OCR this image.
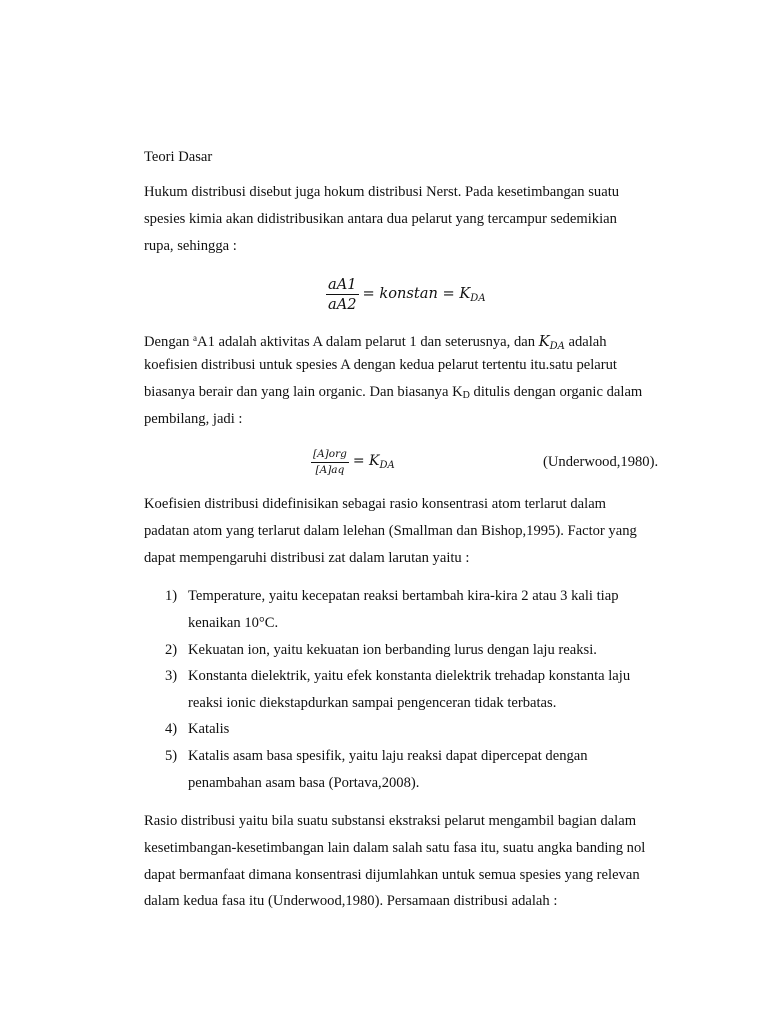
Teori Dasar
Hukum distribusi disebut juga hokum distribusi Nerst. Pada kesetimbangan suatu
spesies kimia akan didistribusikan antara dua pelarut yang tercampur sedemikian
rupa, sehingga :
$\frac{aA1}{aA2}$ = konstan = $K_{DA}$
Dengan $^a$A1 adalah aktivitas A dalam pelarut 1 dan seterusnya, dan $K_{DA}$ adalah
koefisien distribusi untuk spesies A dengan kedua pelarut tertentu itu.satu pelarut
biasanya berair dan yang lain organic. Dan biasanya $K_D$ ditulis dengan organic dalam
pembilang, jadi :
$\frac{\text{[A]org}}{[A]aq} = K_{DA}$	(Underwood,1980).
Koefisien distribusi didefinisikan sebagai rasio konsentrasi atom terlarut dalam
padatan atom yang terlarut dalam lelehan (Smallman dan Bishop,1995). Factor yang
dapat mempengaruhi distribusi zat dalam larutan yaitu :
1) Temperature, yaitu kecepatan reaksi bertambah kira-kira 2 atau 3 kali tiap
kenaikan 10°C.
2) Kekuatan ion, yaitu kekuatan ion berbanding lurus dengan laju reaksi.
3) Konstanta dielektrik, yaitu efek konstanta dielektrik trehadap konstanta laju
reaksi ionic diekstapdurkan sampai pengenceran tidak terbatas.
4) Katalis
5) Katalis asam basa spesifik, yaitu laju reaksi dapat dipercepat dengan
penambahan asam basa (Portava,2008).
Rasio distribusi yaitu bila suatu substansi ekstraksi pelarut mengambil bagian dalam
kesetimbangan-kesetimbangan lain dalam salah satu fasa itu, suatu angka banding nol
dapat bermanfaat dimana konsentrasi dijumlahkan untuk semua spesies yang relevan
dalam kedua fasa itu (Underwood,1980). Persamaan distribusi adalah :
